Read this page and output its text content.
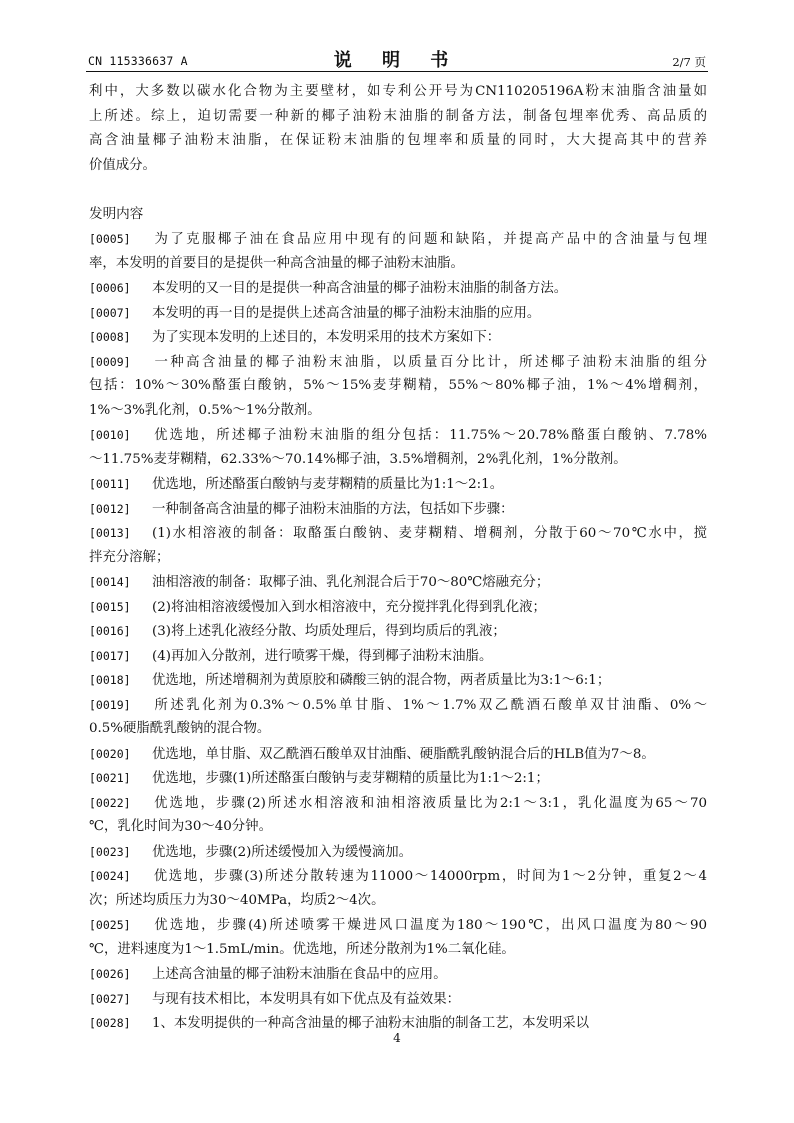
CN 115336637 A	说 明 书	2/7 页
利中，大多数以碳水化合物为主要壁材，如专利公开号为CN110205196A粉末油脂含油量如
上所述。综上，迫切需要一种新的椰子油粉末油脂的制备方法，制备包埋率优秀、高品质的
高含油量椰子油粉末油脂，在保证粉末油脂的包埋率和质量的同时，大大提高其中的营养
价值成分。
发明内容
[0005] 为了克服椰子油在食品应用中现有的问题和缺陷，并提高产品中的含油量与包埋
率，本发明的首要目的是提供一种高含油量的椰子油粉末油脂。
[0006] 本发明的又一目的是提供一种高含油量的椰子油粉末油脂的制备方法。
[0007] 本发明的再一目的是提供上述高含油量的椰子油粉末油脂的应用。
[0008] 为了实现本发明的上述目的，本发明采用的技术方案如下：
[0009] 一种高含油量的椰子油粉末油脂，以质量百分比计，所述椰子油粉末油脂的组分
包括：10%～30%酪蛋白酸钠，5%～15%麦芽糊精，55%～80%椰子油，1%～4%增稠剂，
1%～3%乳化剂，0.5%～1%分散剂。
[0010] 优选地，所述椰子油粉末油脂的组分包括：11.75%～20.78%酪蛋白酸钠、7.78%
～11.75%麦芽糊精，62.33%～70.14%椰子油，3.5%增稠剂，2%乳化剂，1%分散剂。
[0011] 优选地，所述酪蛋白酸钠与麦芽糊精的质量比为1:1～2:1。
[0012] 一种制备高含油量的椰子油粉末油脂的方法，包括如下步骤：
[0013] (1)水相溶液的制备：取酪蛋白酸钠、麦芽糊精、增稠剂，分散于60～70℃水中，搅
拌充分溶解；
[0014] 油相溶液的制备：取椰子油、乳化剂混合后于70～80℃熔融充分；
[0015] (2)将油相溶液缓慢加入到水相溶液中，充分搅拌乳化得到乳化液；
[0016] (3)将上述乳化液经分散、均质处理后，得到均质后的乳液；
[0017] (4)再加入分散剂，进行喷雾干燥，得到椰子油粉末油脂。
[0018] 优选地，所述增稠剂为黄原胶和磷酸三钠的混合物，两者质量比为3:1～6:1；
[0019] 所述乳化剂为0.3%～0.5%单甘脂、1%～1.7%双乙酰酒石酸单双甘油酯、0%～
0.5%硬脂酰乳酸钠的混合物。
[0020] 优选地，单甘脂、双乙酰酒石酸单双甘油酯、硬脂酰乳酸钠混合后的HLB值为7～8。
[0021] 优选地，步骤(1)所述酪蛋白酸钠与麦芽糊精的质量比为1:1～2:1；
[0022] 优选地，步骤(2)所述水相溶液和油相溶液质量比为2:1～3:1，乳化温度为65～70
℃，乳化时间为30～40分钟。
[0023] 优选地，步骤(2)所述缓慢加入为缓慢滴加。
[0024] 优选地，步骤(3)所述分散转速为11000～14000rpm，时间为1～2分钟，重复2～4
次；所述均质压力为30～40MPa，均质2～4次。
[0025] 优选地，步骤(4)所述喷雾干燥进风口温度为180～190℃，出风口温度为80～90
℃，进料速度为1～1.5mL/min。优选地，所述分散剂为1%二氧化硅。
[0026] 上述高含油量的椰子油粉末油脂在食品中的应用。
[0027] 与现有技术相比，本发明具有如下优点及有益效果：
[0028] 1、本发明提供的一种高含油量的椰子油粉末油脂的制备工艺，本发明采以
4
